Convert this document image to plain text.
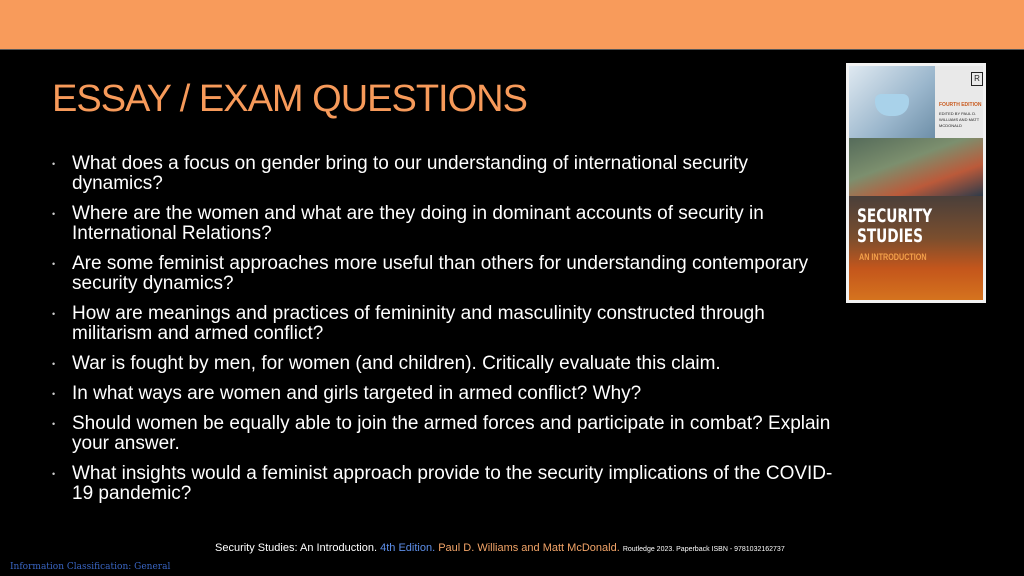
ESSAY / EXAM QUESTIONS
• What does a focus on gender bring to our understanding of international security
dynamics?
• Where are the women and what are they doing in dominant accounts of security in
International Relations?
• Are some feminist approaches more useful than others for understanding contemporary
security dynamics?
• How are meanings and practices of femininity and masculinity constructed through
militarism and armed conflict?
• War is fought by men, for women (and children). Critically evaluate this claim.
• In what ways are women and girls targeted in armed conflict? Why?
• Should women be equally able to join the armed forces and participate in combat? Explain
your answer.
• What insights would a feminist approach provide to the security implications of the COVID-
19 pandemic?
R
FOURTH EDITION
EDITED BY PAUL D. WILLIAMS AND MATT MCDONALD
SECURITY
STUDIES
AN INTRODUCTION
Security Studies: An Introduction. 4th Edition. Paul D. Williams and Matt McDonald. Routledge 2023. Paperback ISBN - 9781032162737
Information Classification: General
